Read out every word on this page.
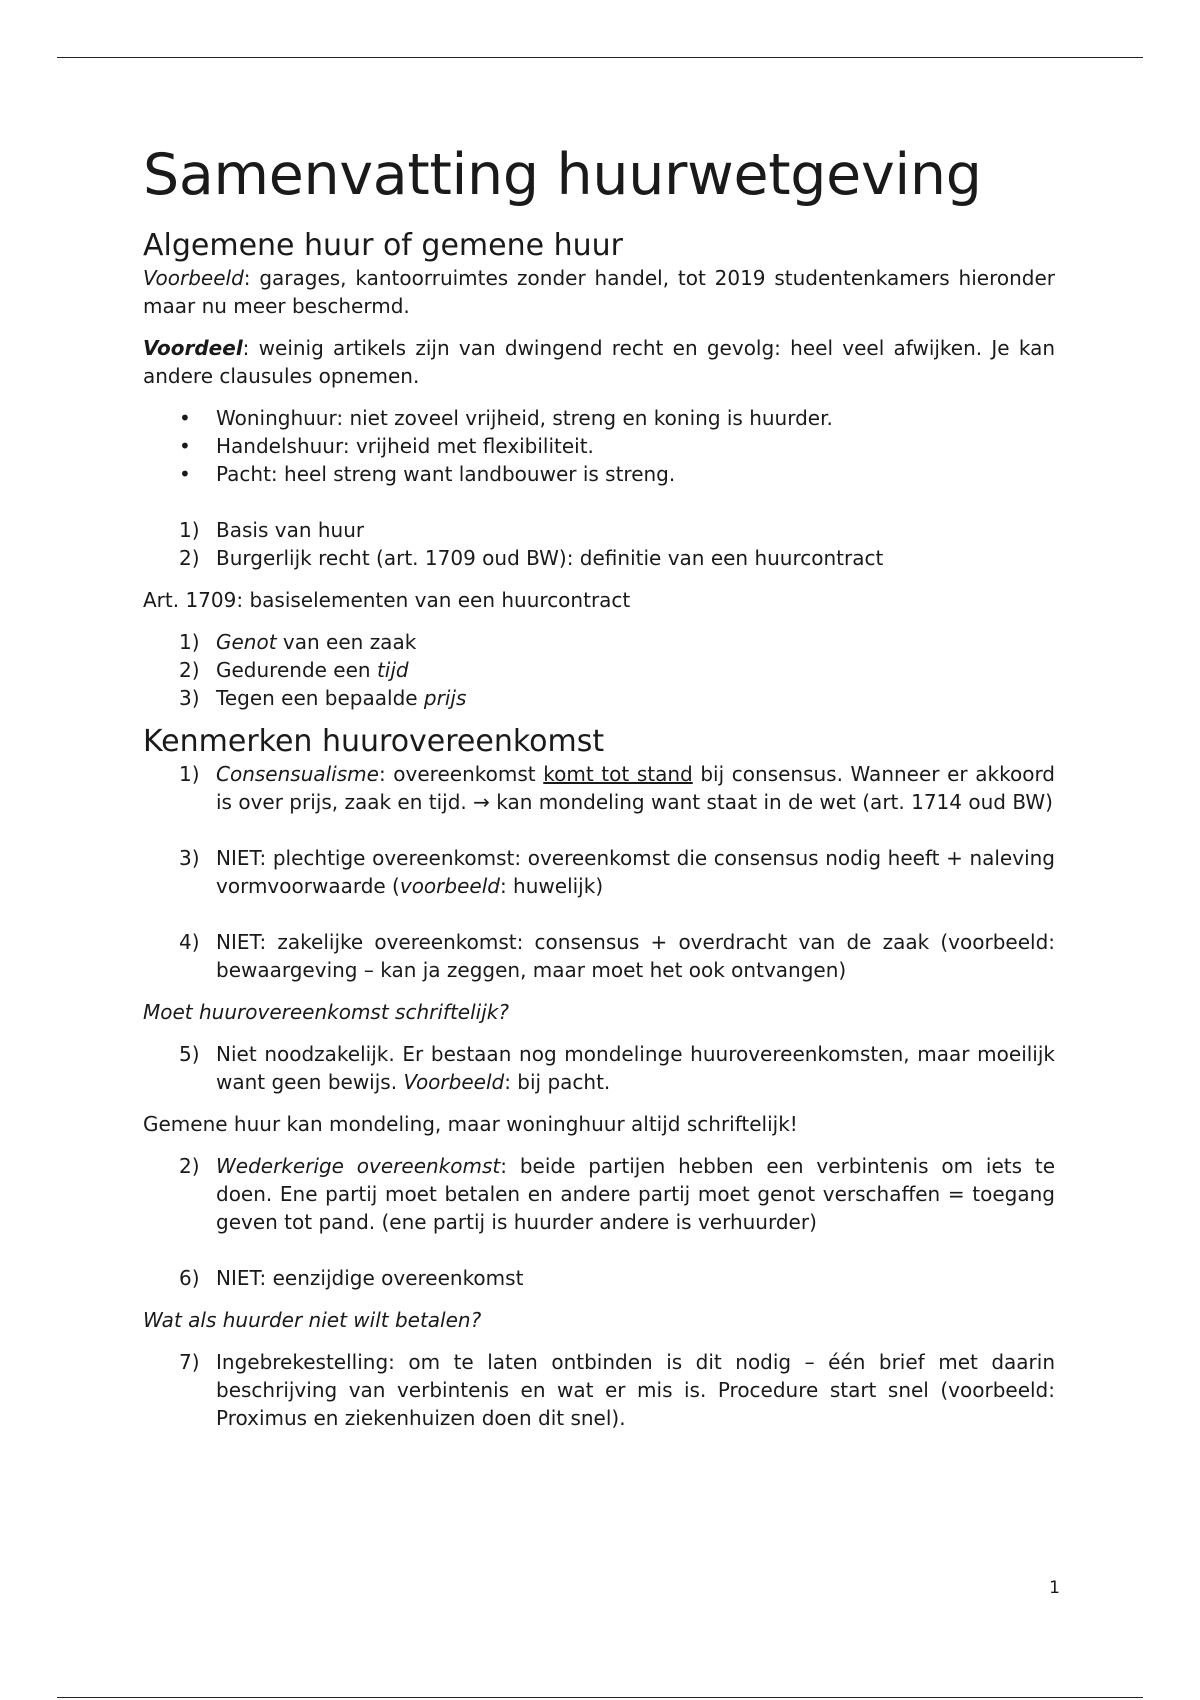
Samenvatting huurwetgeving
Algemene huur of gemene huur

Voorbeeld: garages, kantoorruimtes zonder handel, tot 2019 studentenkamers hieronder maar nu meer beschermd.

Voordeel: weinig artikels zijn van dwingend recht en gevolg: heel veel afwijken. Je kan andere clausules opnemen.

• Woninghuur: niet zoveel vrijheid, streng en koning is huurder.
• Handelshuur: vrijheid met flexibiliteit.
• Pacht: heel streng want landbouwer is streng.
1) Basis van huur
2) Burgerlijk recht (art. 1709 oud BW): definitie van een huurcontract

Art. 1709: basiselementen van een huurcontract

1) Genot van een zaak
2) Gedurende een tijd
3) Tegen een bepaalde prijs
Kenmerken huurovereenkomst
1) Consensualisme: overeenkomst komt tot stand bij consensus. Wanneer er akkoord is over prijs, zaak en tijd. → kan mondeling want staat in de wet (art. 1714 oud BW)
3) NIET: plechtige overeenkomst: overeenkomst die consensus nodig heeft + naleving vormvoorwaarde (voorbeeld: huwelijk)
4) NIET: zakelijke overeenkomst: consensus + overdracht van de zaak (voorbeeld: bewaargeving – kan ja zeggen, maar moet het ook ontvangen)

Moet huurovereenkomst schriftelijk?

5) Niet noodzakelijk. Er bestaan nog mondelinge huurovereenkomsten, maar moeilijk want geen bewijs. Voorbeeld: bij pacht.

Gemene huur kan mondeling, maar woninghuur altijd schriftelijk!

2) Wederkerige overeenkomst: beide partijen hebben een verbintenis om iets te doen. Ene partij moet betalen en andere partij moet genot verschaffen = toegang geven tot pand. (ene partij is huurder andere is verhuurder)
6) NIET: eenzijdige overeenkomst

Wat als huurder niet wilt betalen?

7) Ingebrekestelling: om te laten ontbinden is dit nodig – één brief met daarin beschrijving van verbintenis en wat er mis is. Procedure start snel (voorbeeld: Proximus en ziekenhuizen doen dit snel).
1
